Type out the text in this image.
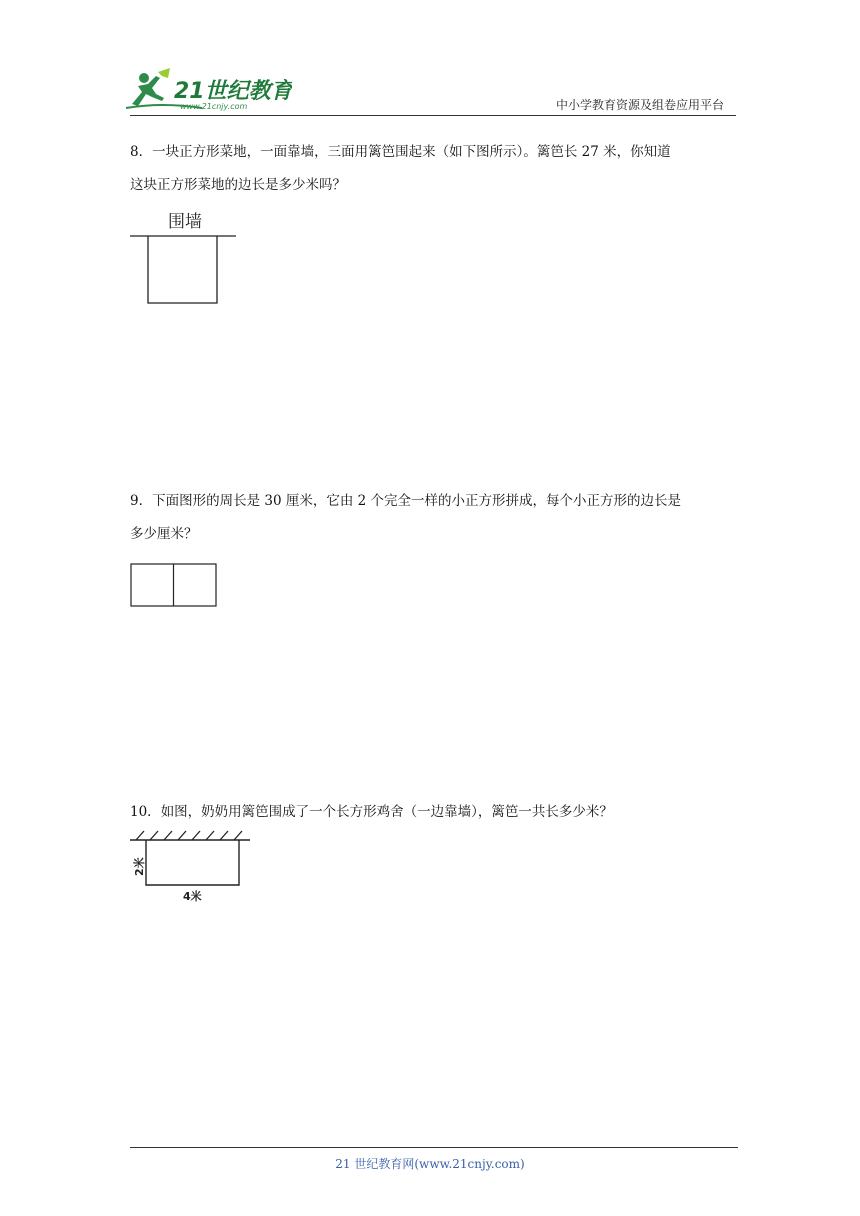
21世纪教育
www.21cnjy.com	中小学教育资源及组卷应用平台
8．一块正方形菜地，一面靠墙，三面用篱笆围起来（如下图所示）。篱笆长 27 米，你知道
这块正方形菜地的边长是多少米吗？
围墙
9．下面图形的周长是 30 厘米，它由 2 个完全一样的小正方形拼成，每个小正方形的边长是
多少厘米？
10．如图，奶奶用篱笆围成了一个长方形鸡舍（一边靠墙），篱笆一共长多少米？
2米
4米
21 世纪教育网(www.21cnjy.com)
